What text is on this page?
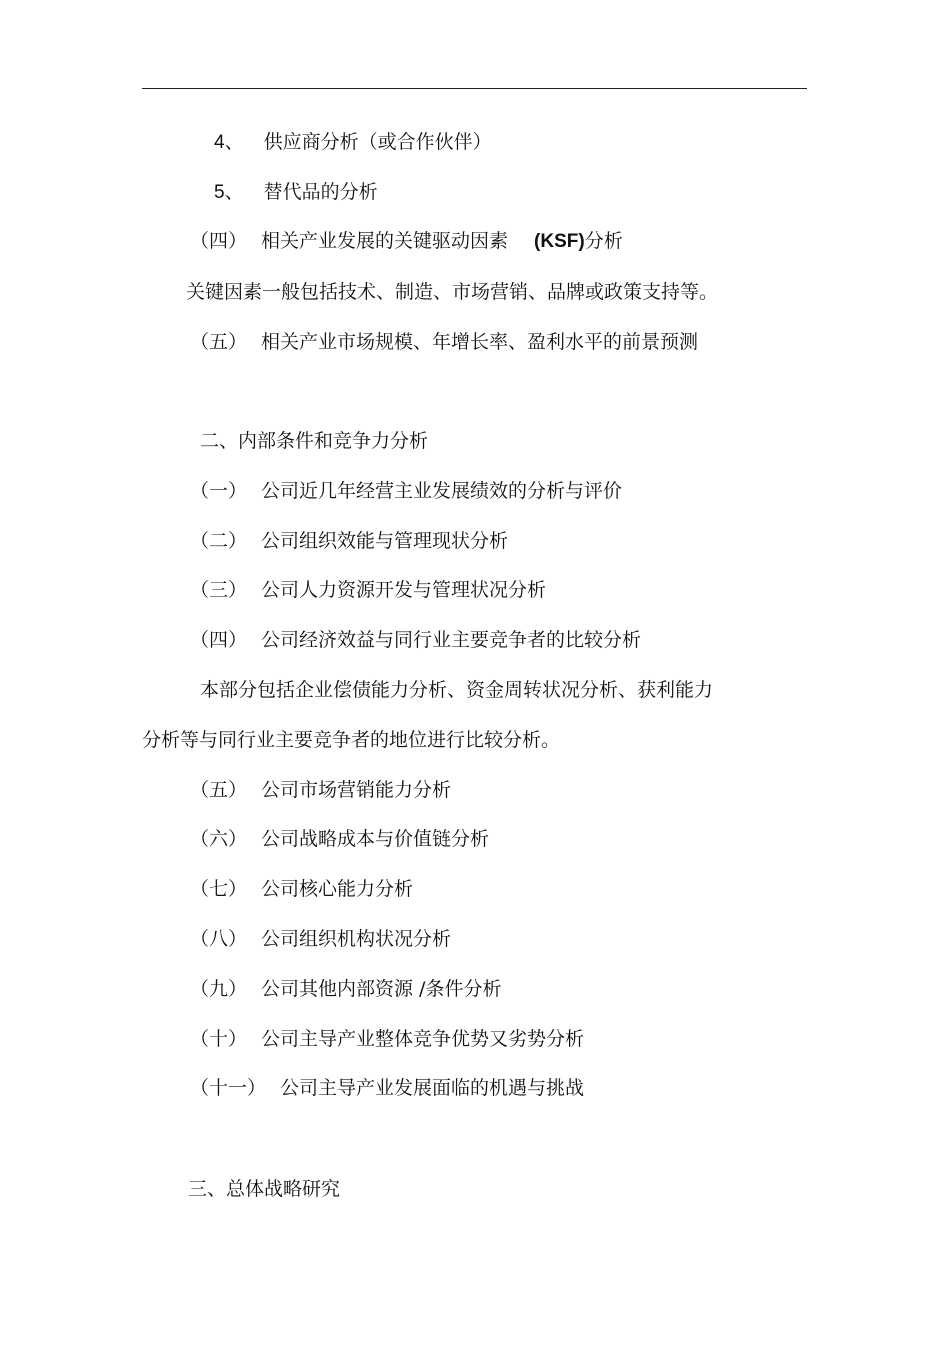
4、 供应商分析（或合作伙伴）
5、 替代品的分析
（四） 相关产业发展的关键驱动因素 (KSF)分析
关键因素一般包括技术、制造、市场营销、品牌或政策支持等。
（五） 相关产业市场规模、年增长率、盈利水平的前景预测
二、内部条件和竞争力分析
（一） 公司近几年经营主业发展绩效的分析与评价
（二） 公司组织效能与管理现状分析
（三） 公司人力资源开发与管理状况分析
（四） 公司经济效益与同行业主要竞争者的比较分析
本部分包括企业偿债能力分析、资金周转状况分析、获利能力
分析等与同行业主要竞争者的地位进行比较分析。
（五） 公司市场营销能力分析
（六） 公司战略成本与价值链分析
（七） 公司核心能力分析
（八） 公司组织机构状况分析
（九） 公司其他内部资源 /条件分析
（十） 公司主导产业整体竞争优势又劣势分析
（十一） 公司主导产业发展面临的机遇与挑战
三、总体战略研究
